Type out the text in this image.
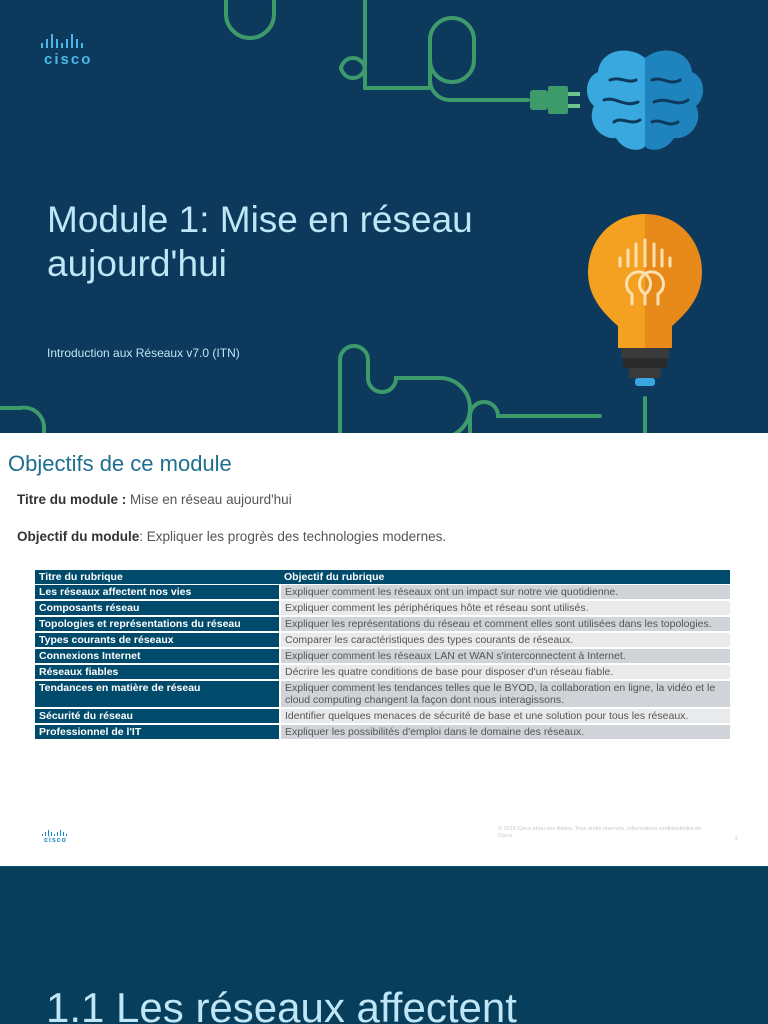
cisco
Module 1: Mise en réseau aujourd'hui
Introduction aux Réseaux v7.0 (ITN)
Objectifs de ce module
Titre du module : Mise en réseau aujourd'hui
Objectif du module: Expliquer les progrès des technologies modernes.
Titre du rubrique	Objectif du rubrique
Les réseaux affectent nos vies	Expliquer comment les réseaux ont un impact sur notre vie quotidienne.
Composants réseau	Expliquer comment les périphériques hôte et réseau sont utilisés.
Topologies et représentations du réseau	Expliquer les représentations du réseau et comment elles sont utilisées dans les topologies.
Types courants de réseaux	Comparer les caractéristiques des types courants de réseaux.
Connexions Internet	Expliquer comment les réseaux LAN et WAN s'interconnectent à Internet.
Réseaux fiables	Décrire les quatre conditions de base pour disposer d'un réseau fiable.
Tendances en matière de réseau	Expliquer comment les tendances telles que le BYOD, la collaboration en ligne, la vidéo et le cloud computing changent la façon dont nous interagissons.
Sécurité du réseau	Identifier quelques menaces de sécurité de base et une solution pour tous les réseaux.
Professionnel de l'IT	Expliquer les possibilités d'emploi dans le domaine des réseaux.
cisco
© 2016 Cisco et/ou ses filiales. Tous droits réservés. Informations confidentielles de Cisco	2
1.1 Les réseaux affectent
